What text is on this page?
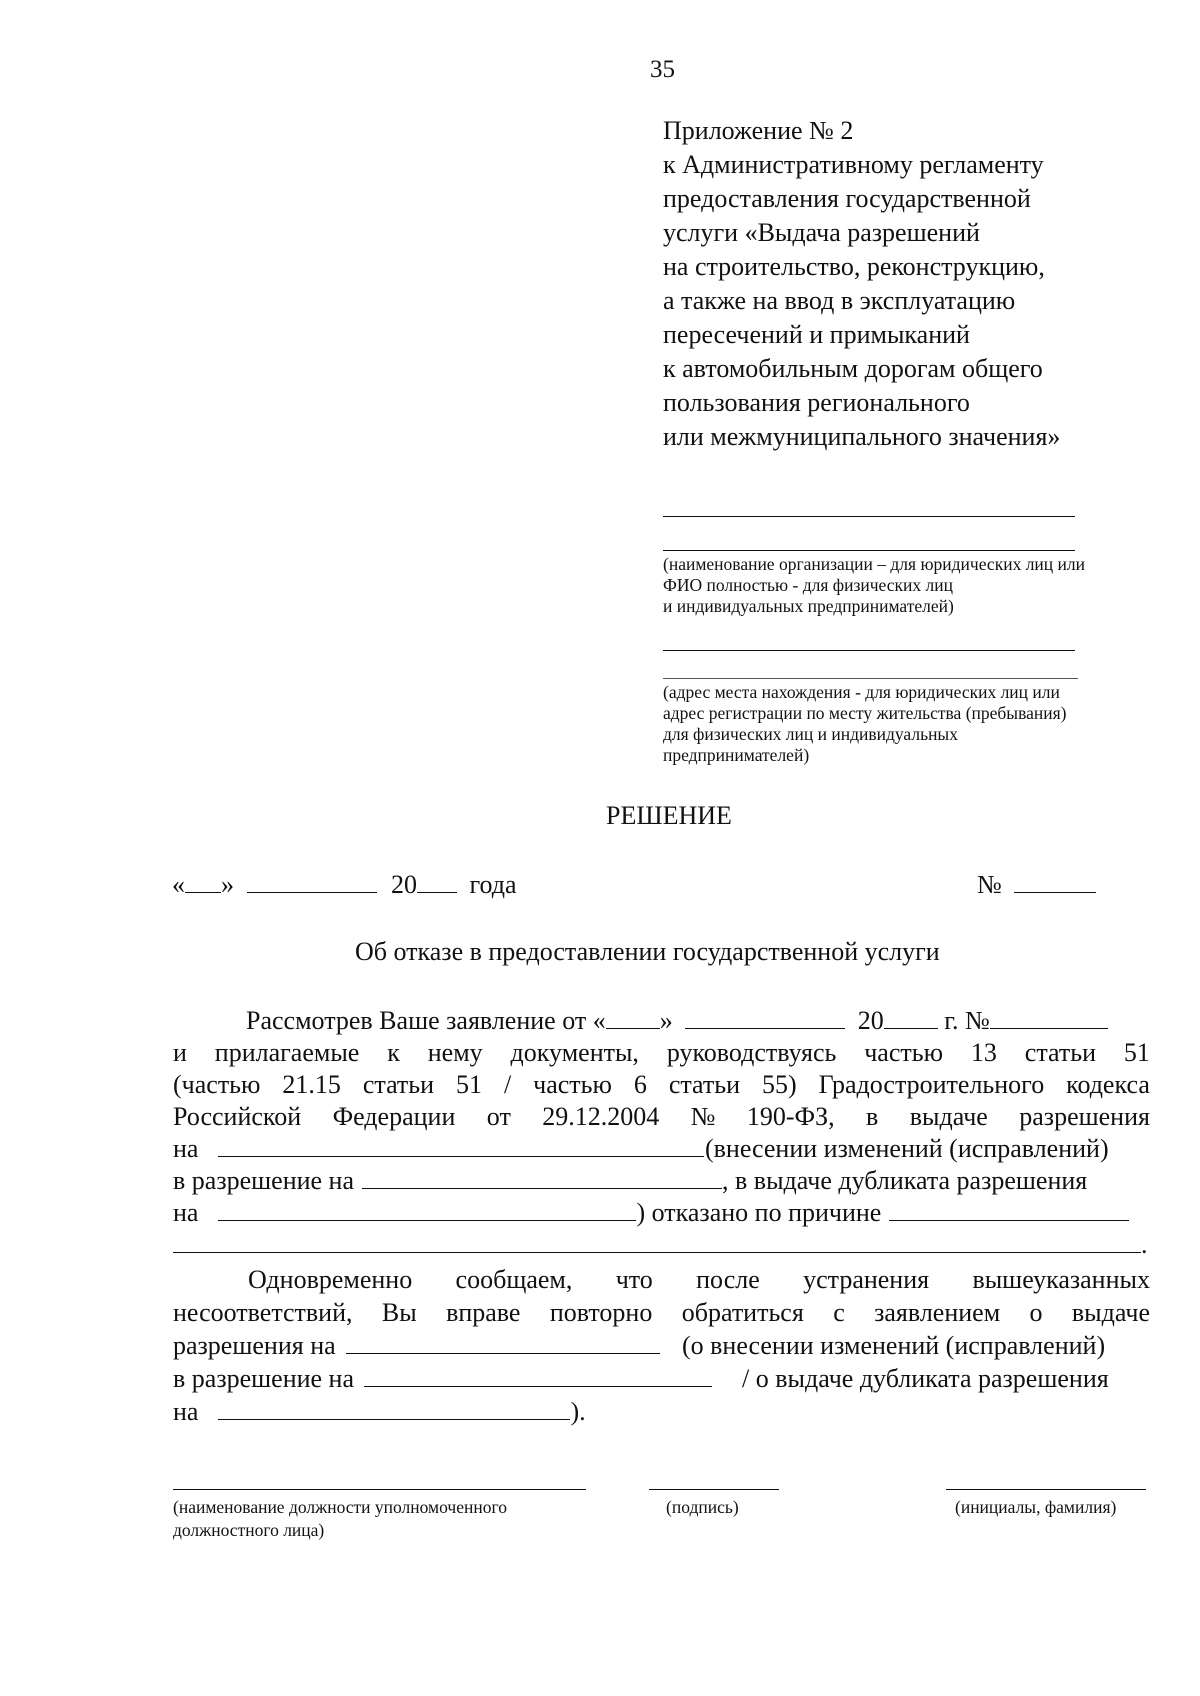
35
Приложение № 2
к Административному регламенту
предоставления государственной
услуги «Выдача разрешений
на строительство, реконструкцию,
а также на ввод в эксплуатацию
пересечений и примыканий
к автомобильным дорогам общего
пользования регионального
или межмуниципального значения»
(наименование организации – для юридических лиц или
ФИО полностью - для физических лиц
и индивидуальных предпринимателей)
(адрес места нахождения - для юридических лиц или
адрес регистрации по месту жительства (пребывания)
для физических лиц и индивидуальных
предпринимателей)
РЕШЕНИЕ
« »	20 года	№
Об отказе в предоставлении государственной услуги
Рассмотрев Ваше заявление от « »	20 г. №
и прилагаемые к нему документы, руководствуясь частью 13 статьи 51
(частью 21.15 статьи 51 / частью 6 статьи 55) Градостроительного кодекса
Российской Федерации от 29.12.2004 № 190-ФЗ, в выдаче разрешения
на	(внесении изменений (исправлений)
в разрешение на	, в выдаче дубликата разрешения
на	) отказано по причине
.
Одновременно сообщаем, что после устранения вышеуказанных
несоответствий, Вы вправе повторно обратиться с заявлением о выдаче
разрешения на	(о внесении изменений (исправлений)
в разрешение на	/ о выдаче дубликата разрешения
на	).
(наименование должности уполномоченного
должностного лица)
(подпись)	(инициалы, фамилия)
